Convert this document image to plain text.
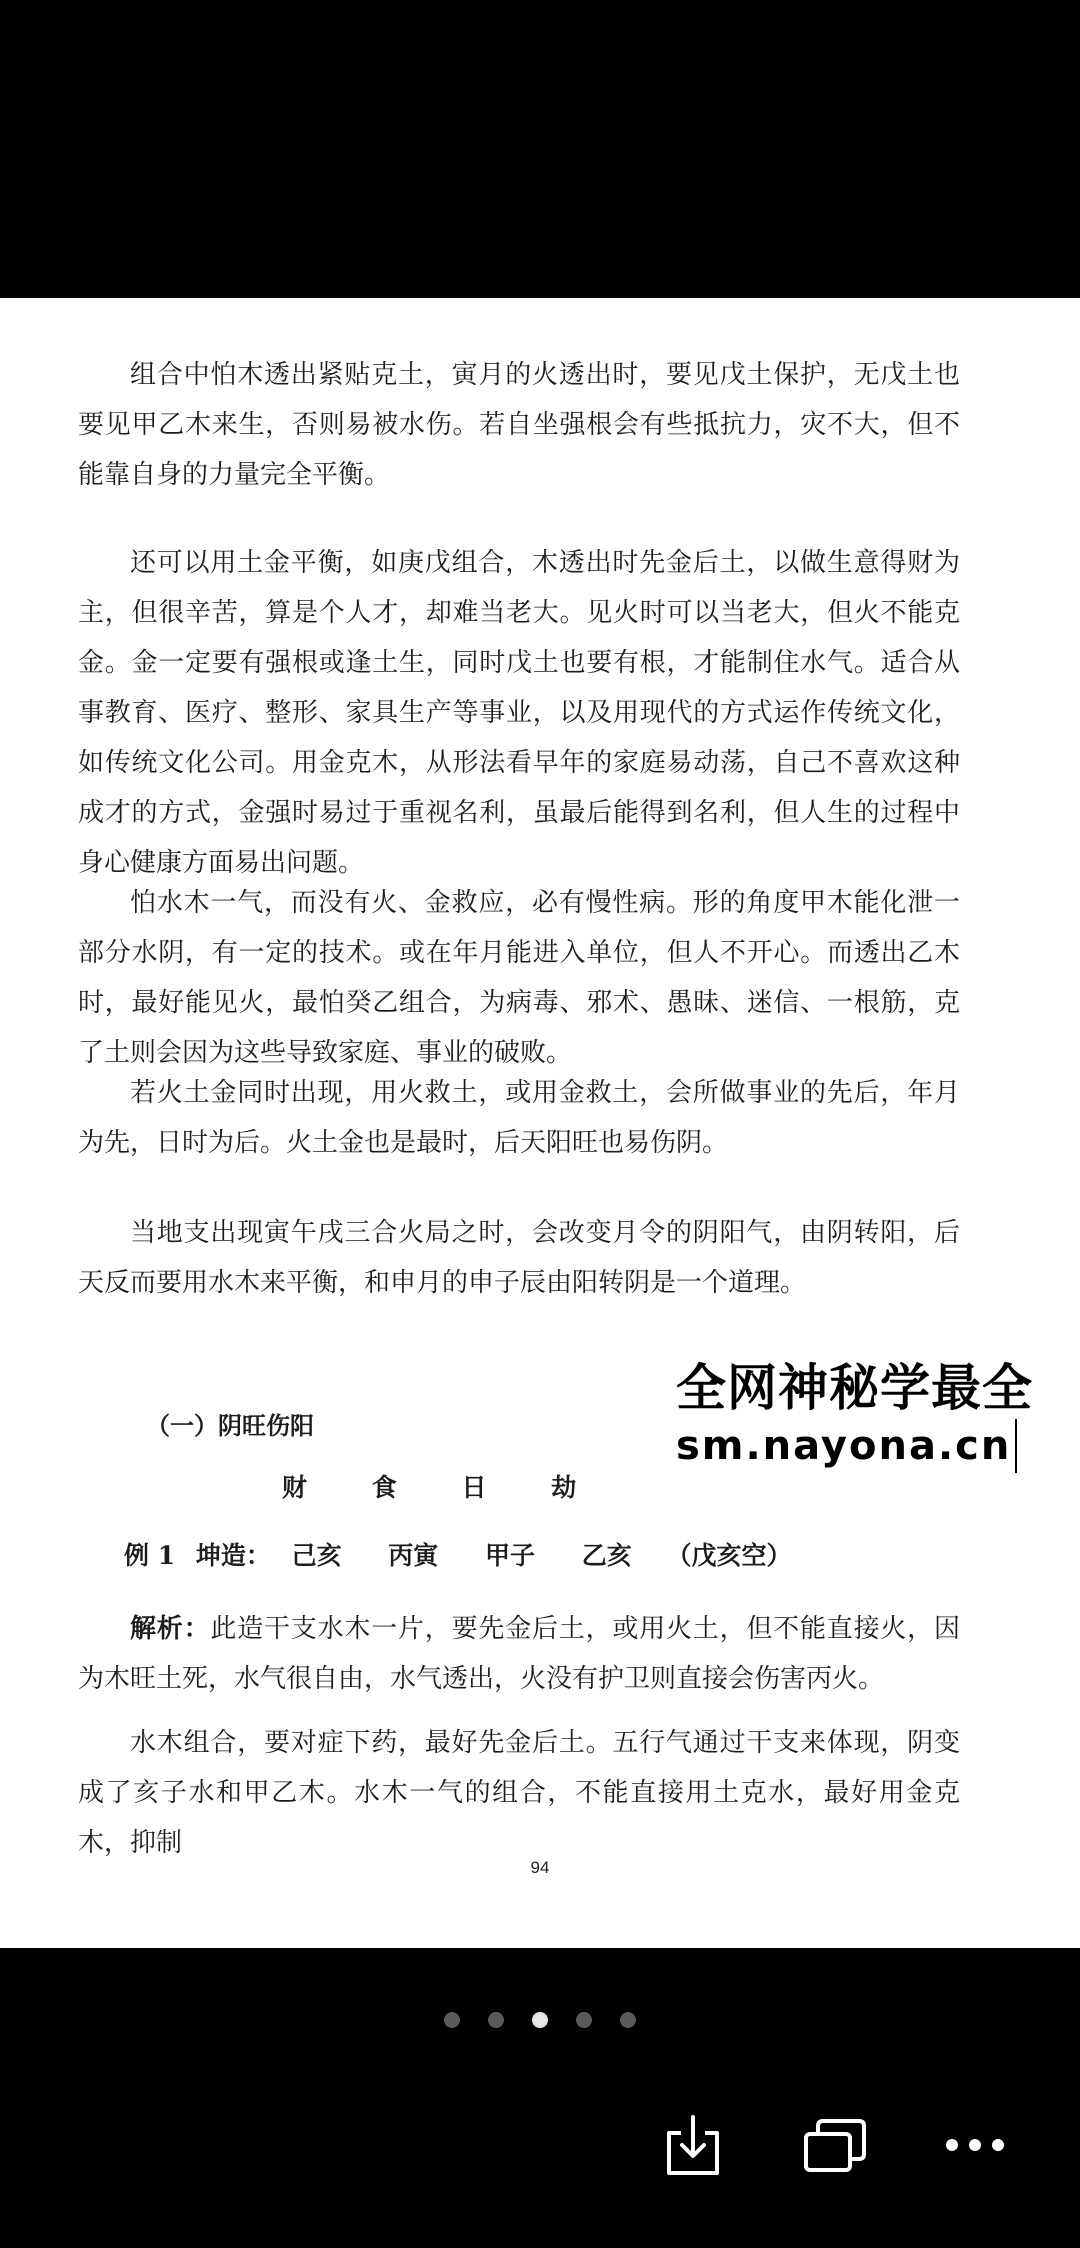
组合中怕木透出紧贴克土，寅月的火透出时，要见戊土保护，无戊土也要见甲乙木来生，否则易被水伤。若自坐强根会有些抵抗力，灾不大，但不能靠自身的力量完全平衡。

还可以用土金平衡，如庚戊组合，木透出时先金后土，以做生意得财为主，但很辛苦，算是个人才，却难当老大。见火时可以当老大，但火不能克金。金一定要有强根或逢土生，同时戊土也要有根，才能制住水气。适合从事教育、医疗、整形、家具生产等事业，以及用现代的方式运作传统文化，如传统文化公司。用金克木，从形法看早年的家庭易动荡，自己不喜欢这种成才的方式，金强时易过于重视名利，虽最后能得到名利，但人生的过程中身心健康方面易出问题。

怕水木一气，而没有火、金救应，必有慢性病。形的角度甲木能化泄一部分水阴，有一定的技术。或在年月能进入单位，但人不开心。而透出乙木时，最好能见火，最怕癸乙组合，为病毒、邪术、愚昧、迷信、一根筋，克了土则会因为这些导致家庭、事业的破败。

若火土金同时出现，用火救土，或用金救土，会所做事业的先后，年月为先，日时为后。火土金也是最时，后天阳旺也易伤阴。

当地支出现寅午戌三合火局之时，会改变月令的阴阳气，由阴转阳，后天反而要用水木来平衡，和申月的申子辰由阳转阴是一个道理。

（一）阴旺伤阳
财	食	日	劫
例 1 坤造： 己亥 丙寅 甲子 乙亥 （戊亥空）

解析：此造干支水木一片，要先金后土，或用火土，但不能直接火，因为木旺土死，水气很自由，水气透出，火没有护卫则直接会伤害丙火。

水木组合，要对症下药，最好先金后土。五行气通过干支来体现，阴变成了亥子水和甲乙木。水木一气的组合，不能直接用土克水，最好用金克木，抑制

94
全网神秘学最全
sm.nayona.cn
